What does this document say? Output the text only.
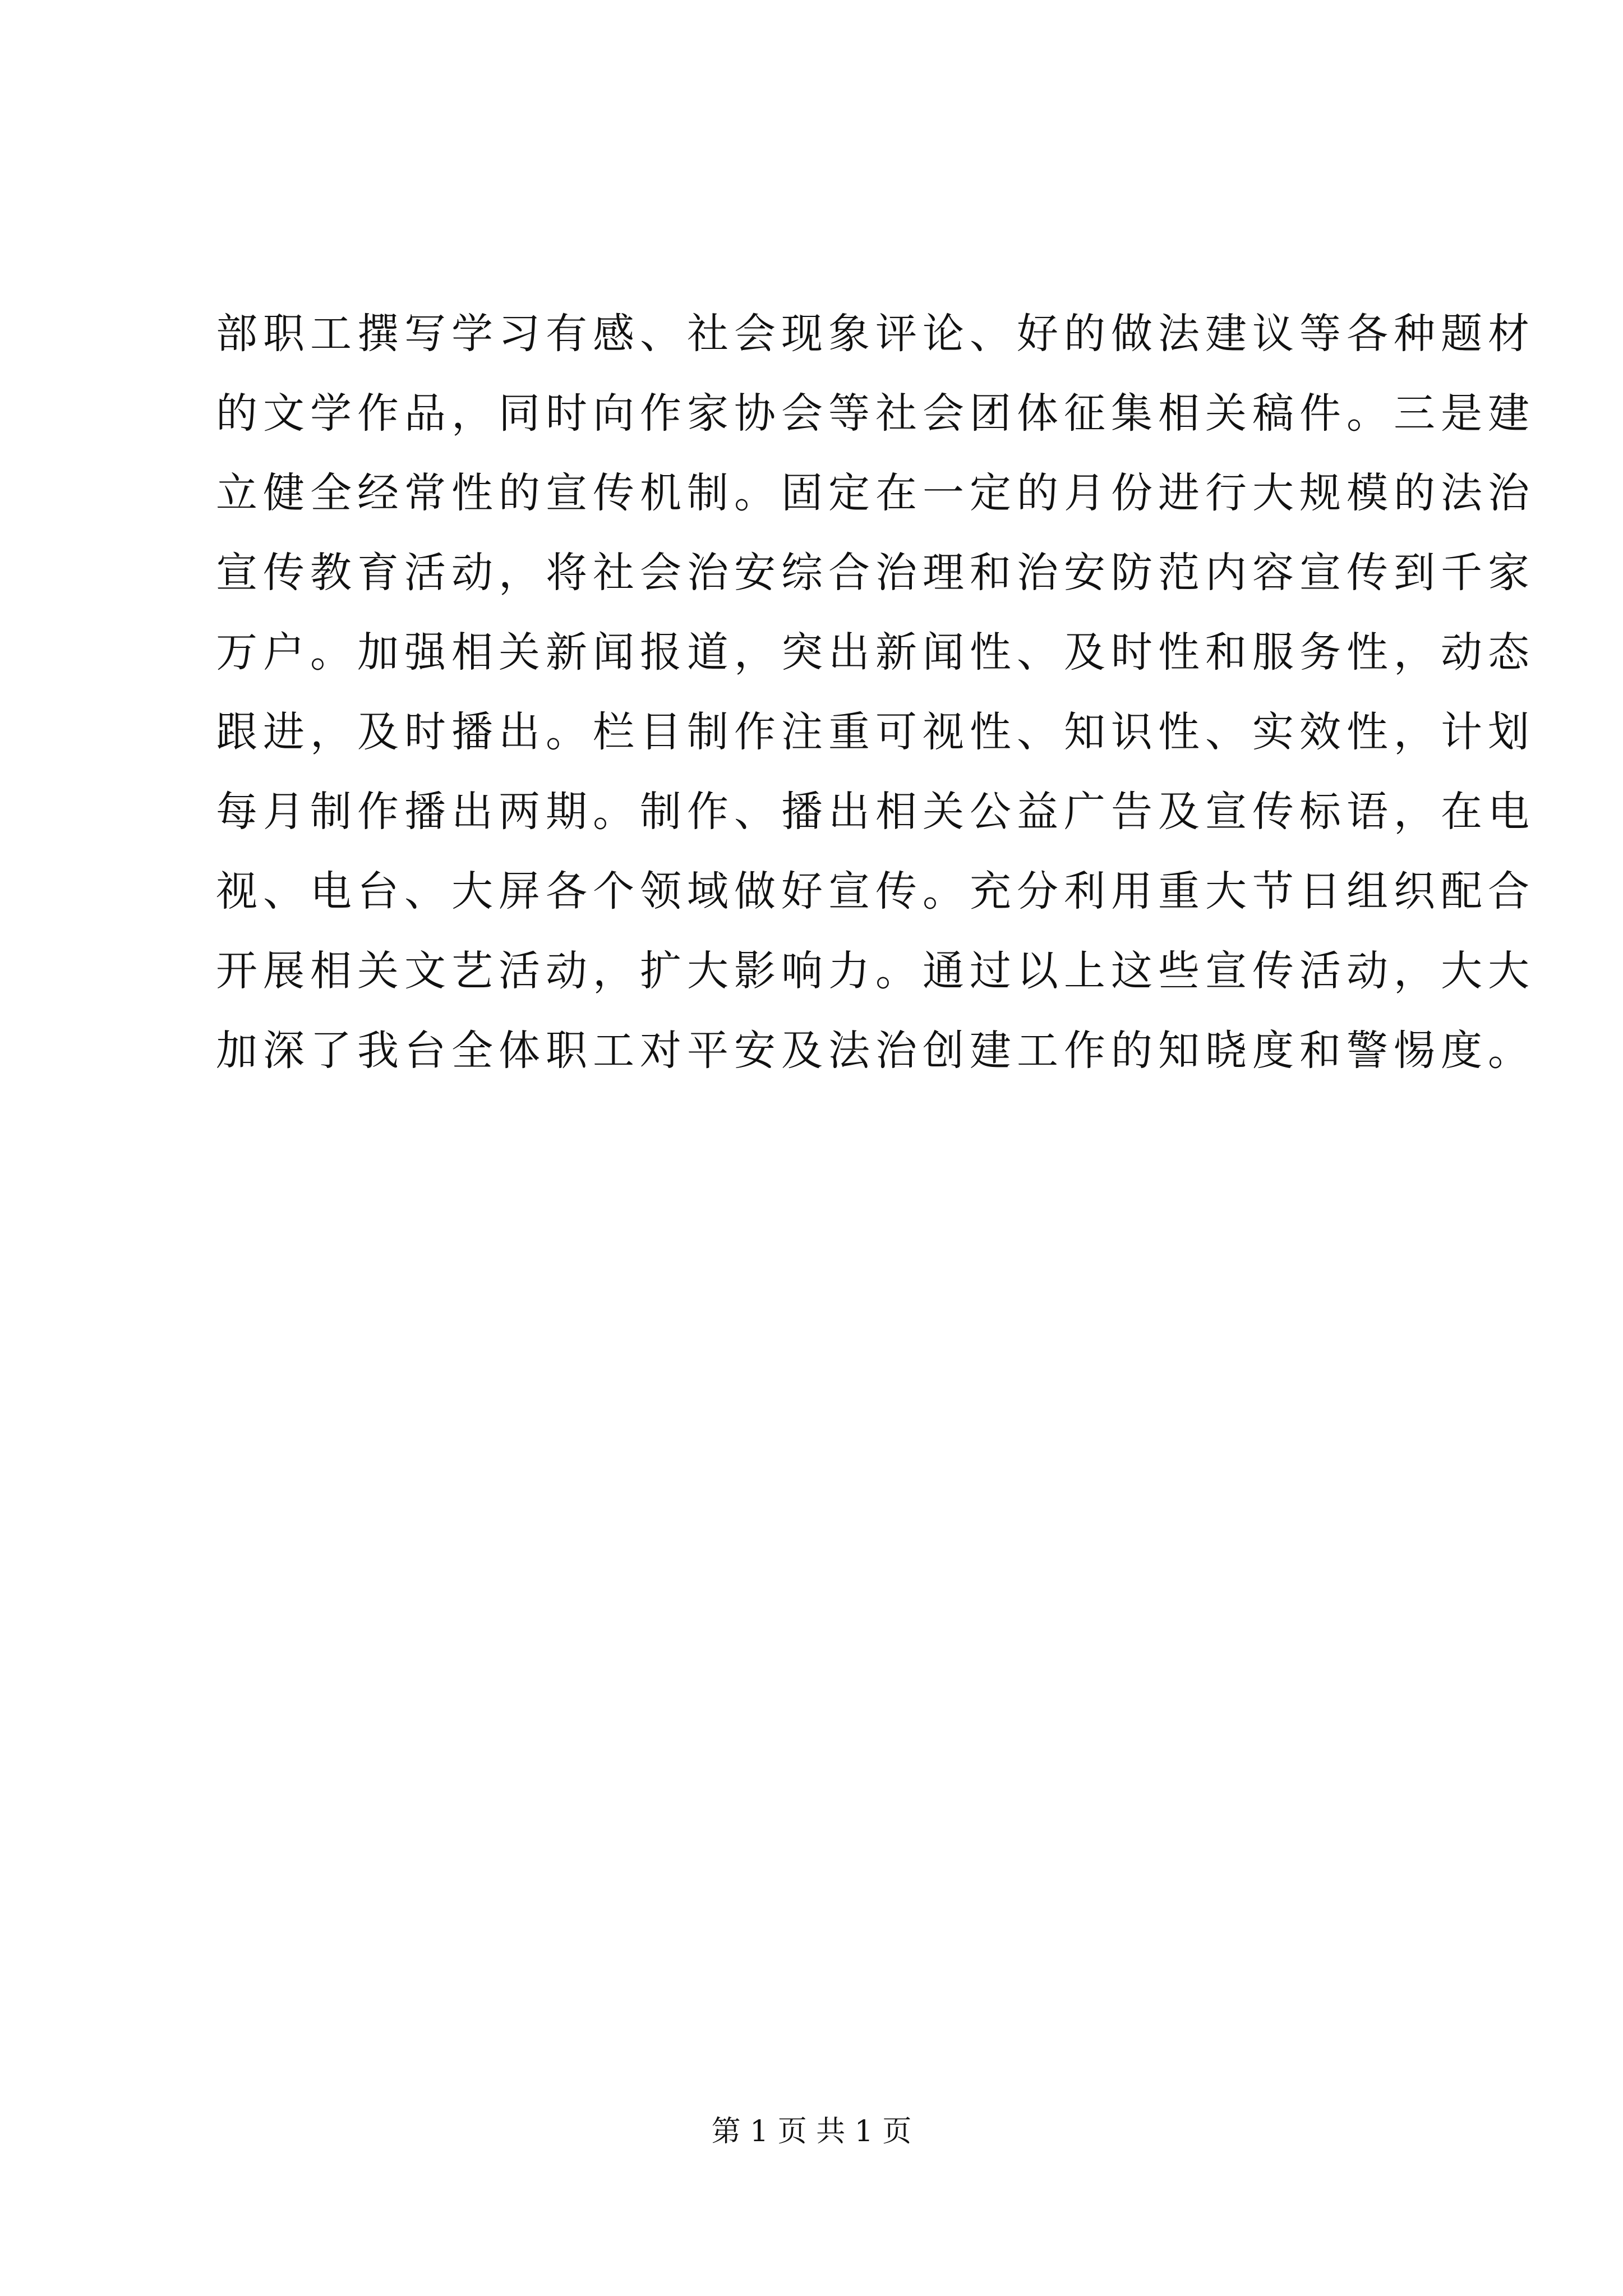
部职工撰写学习有感、社会现象评论、好的做法建议等各种题材
的文学作品，同时向作家协会等社会团体征集相关稿件。三是建
立健全经常性的宣传机制。固定在一定的月份进行大规模的法治
宣传教育活动，将社会治安综合治理和治安防范内容宣传到千家
万户。加强相关新闻报道，突出新闻性、及时性和服务性，动态
跟进，及时播出。栏目制作注重可视性、知识性、实效性，计划
每月制作播出两期。制作、播出相关公益广告及宣传标语，在电
视、电台、大屏各个领域做好宣传。充分利用重大节日组织配合
开展相关文艺活动，扩大影响力。通过以上这些宣传活动，大大
加深了我台全体职工对平安及法治创建工作的知晓度和警惕度。
第 1 页 共 1 页
